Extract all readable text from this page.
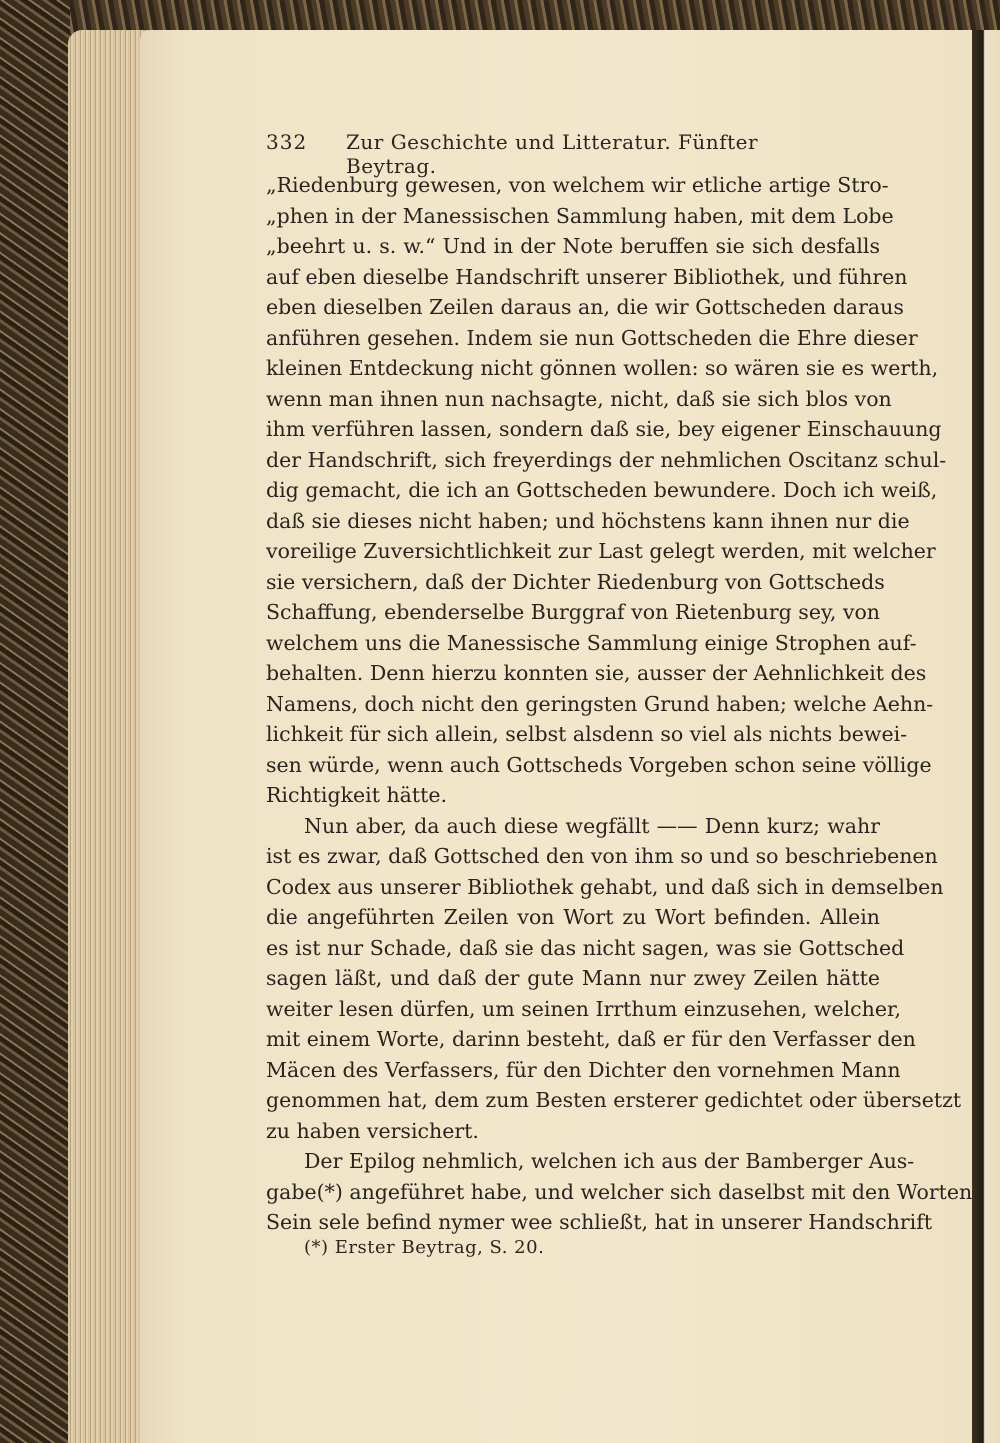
332 Zur Geschichte und Litteratur. Fünfter Beytrag.
„Riedenburg gewesen, von welchem wir etliche artige Stro-
„phen in der Manessischen Sammlung haben, mit dem Lobe
„beehrt u. s. w.“ Und in der Note beruffen sie sich desfalls
auf eben dieselbe Handschrift unserer Bibliothek, und führen
eben dieselben Zeilen daraus an, die wir Gottscheden daraus
anführen gesehen. Indem sie nun Gottscheden die Ehre dieser
kleinen Entdeckung nicht gönnen wollen: so wären sie es werth,
wenn man ihnen nun nachsagte, nicht, daß sie sich blos von
ihm verführen lassen, sondern daß sie, bey eigener Einschauung
der Handschrift, sich freyerdings der nehmlichen Oscitanz schul-
dig gemacht, die ich an Gottscheden bewundere. Doch ich weiß,
daß sie dieses nicht haben; und höchstens kann ihnen nur die
voreilige Zuversichtlichkeit zur Last gelegt werden, mit welcher
sie versichern, daß der Dichter Riedenburg von Gottscheds
Schaffung, ebenderselbe Burggraf von Rietenburg sey, von
welchem uns die Manessische Sammlung einige Strophen auf-
behalten. Denn hierzu konnten sie, ausser der Aehnlichkeit des
Namens, doch nicht den geringsten Grund haben; welche Aehn-
lichkeit für sich allein, selbst alsdenn so viel als nichts bewei-
sen würde, wenn auch Gottscheds Vorgeben schon seine völlige
Richtigkeit hätte.
Nun aber, da auch diese wegfällt —— Denn kurz; wahr
ist es zwar, daß Gottsched den von ihm so und so beschriebenen
Codex aus unserer Bibliothek gehabt, und daß sich in demselben
die angeführten Zeilen von Wort zu Wort befinden. Allein
es ist nur Schade, daß sie das nicht sagen, was sie Gottsched
sagen läßt, und daß der gute Mann nur zwey Zeilen hätte
weiter lesen dürfen, um seinen Irrthum einzusehen, welcher,
mit einem Worte, darinn besteht, daß er für den Verfasser den
Mäcen des Verfassers, für den Dichter den vornehmen Mann
genommen hat, dem zum Besten ersterer gedichtet oder übersetzt
zu haben versichert.
Der Epilog nehmlich, welchen ich aus der Bamberger Aus-
gabe(*) angeführet habe, und welcher sich daselbst mit den Worten
Sein sele befind nymer wee schließt, hat in unserer Handschrift
(*) Erster Beytrag, S. 20.
